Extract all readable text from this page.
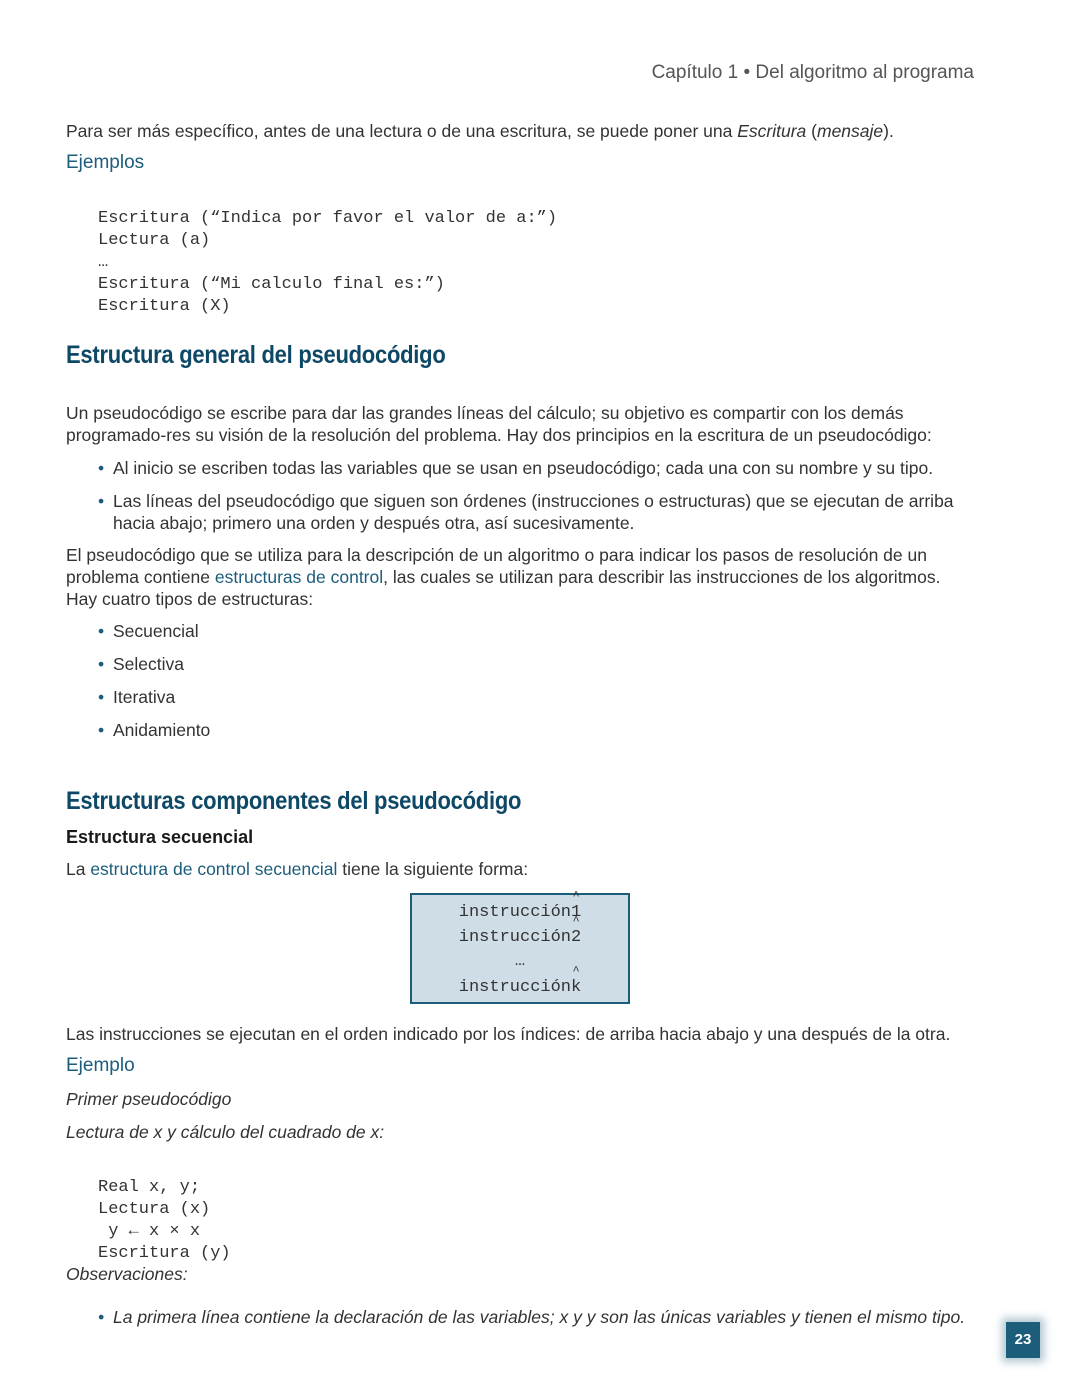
Capítulo 1 • Del algoritmo al programa
Para ser más específico, antes de una lectura o de una escritura, se puede poner una Escritura (mensaje).
Ejemplos

Escritura (“Indica por favor el valor de a:”)
Lectura (a)
…
Escritura (“Mi calculo final es:”)
Escritura (X)

Estructura general del pseudocódigo
Un pseudocódigo se escribe para dar las grandes líneas del cálculo; su objetivo es compartir con los demás programado-res su visión de la resolución del problema. Hay dos principios en la escritura de un pseudocódigo:
• Al inicio se escriben todas las variables que se usan en pseudocódigo; cada una con su nombre y su tipo.
• Las líneas del pseudocódigo que siguen son órdenes (instrucciones o estructuras) que se ejecutan de arriba hacia abajo; primero una orden y después otra, así sucesivamente.
El pseudocódigo que se utiliza para la descripción de un algoritmo o para indicar los pasos de resolución de un problema contiene estructuras de control, las cuales se utilizan para describir las instrucciones de los algoritmos. Hay cuatro tipos de estructuras:
• Secuencial
• Selectiva
• Iterativa
• Anidamiento
Estructuras componentes del pseudocódigo
Estructura secuencial
La estructura de control secuencial tiene la siguiente forma:
instrucción1 ^
instrucción2 ^
…
instrucciónk ^
Las instrucciones se ejecutan en el orden indicado por los índices: de arriba hacia abajo y una después de la otra.
Ejemplo
Primer pseudocódigo
Lectura de x y cálculo del cuadrado de x:

Real x, y;
Lectura (x)
y ← x × x
Escritura (y)

Observaciones:
• La primera línea contiene la declaración de las variables; x y y son las únicas variables y tienen el mismo tipo.
23
